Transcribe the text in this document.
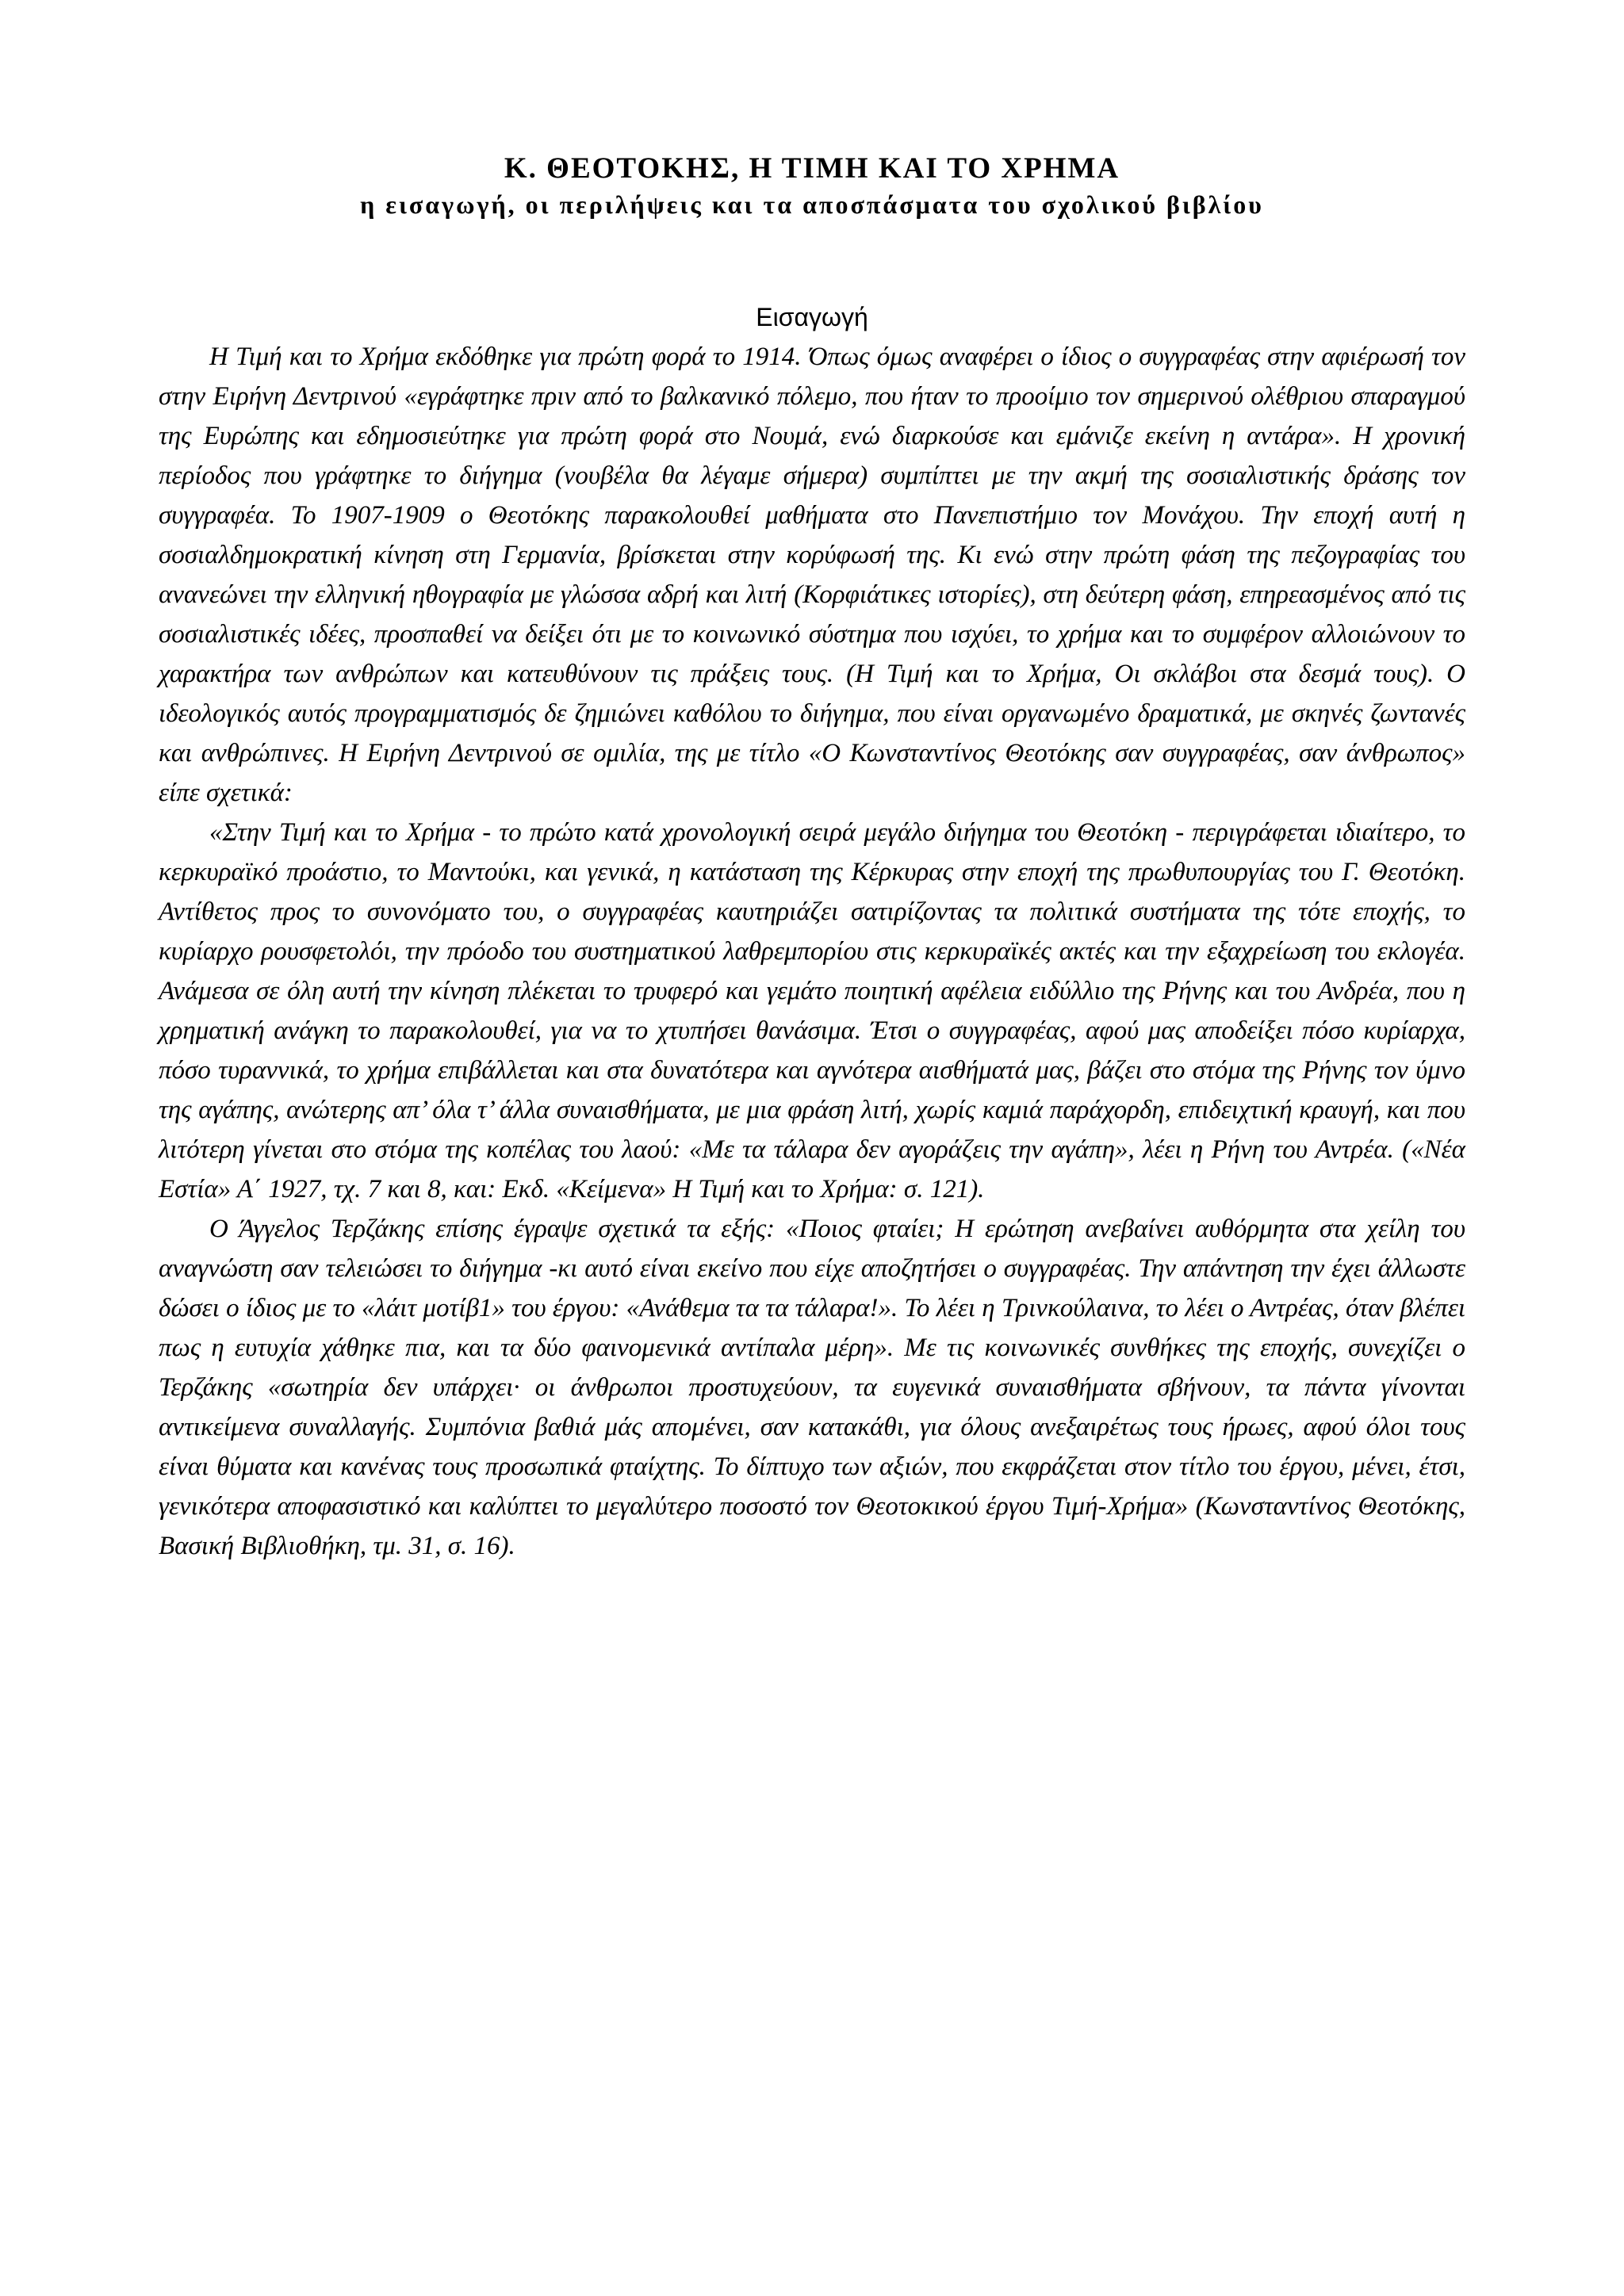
Κ. ΘΕΟΤΟΚΗΣ, Η ΤΙΜΗ ΚΑΙ ΤΟ ΧΡΗΜΑ
η εισαγωγή, οι περιλήψεις και τα αποσπάσματα του σχολικού βιβλίου

Εισαγωγή

Η Τιμή και το Χρήμα εκδόθηκε για πρώτη φορά το 1914. Όπως όμως αναφέρει ο ίδιος ο συγγραφέας στην αφιέρωσή τον στην Ειρήνη Δεντρινού «εγράφτηκε πριν από το βαλκανικό πόλεμο, που ήταν το προοίμιο τον σημερινού ολέθριου σπαραγμού της Ευρώπης και εδημοσιεύτηκε για πρώτη φορά στο Νουμά, ενώ διαρκούσε και εμάνιζε εκείνη η αντάρα». Η χρονική περίοδος που γράφτηκε το διήγημα (νουβέλα θα λέγαμε σήμερα) συμπίπτει με την ακμή της σοσιαλιστικής δράσης τον συγγραφέα. Το 1907-1909 ο Θεοτόκης παρακολουθεί μαθήματα στο Πανεπιστήμιο τον Μονάχου. Την εποχή αυτή η σοσιαλδημοκρατική κίνηση στη Γερμανία, βρίσκεται στην κορύφωσή της. Κι ενώ στην πρώτη φάση της πεζογραφίας του ανανεώνει την ελληνική ηθογραφία με γλώσσα αδρή και λιτή (Κορφιάτικες ιστορίες), στη δεύτερη φάση, επηρεασμένος από τις σοσιαλιστικές ιδέες, προσπαθεί να δείξει ότι με το κοινωνικό σύστημα που ισχύει, το χρήμα και το συμφέρον αλλοιώνουν το χαρακτήρα των ανθρώπων και κατευθύνουν τις πράξεις τους. (Η Τιμή και το Χρήμα, Οι σκλάβοι στα δεσμά τους). Ο ιδεολογικός αυτός προγραμματισμός δε ζημιώνει καθόλου το διήγημα, που είναι οργανωμένο δραματικά, με σκηνές ζωντανές και ανθρώπινες. Η Ειρήνη Δεντρινού σε ομιλία, της με τίτλο «Ο Κωνσταντίνος Θεοτόκης σαν συγγραφέας, σαν άνθρωπος» είπε σχετικά:

«Στην Τιμή και το Χρήμα - το πρώτο κατά χρονολογική σειρά μεγάλο διήγημα του Θεοτόκη - περιγράφεται ιδιαίτερο, το κερκυραϊκό προάστιο, το Μαντούκι, και γενικά, η κατάσταση της Κέρκυρας στην εποχή της πρωθυπουργίας του Γ. Θεοτόκη. Αντίθετος προς το συνονόματο του, ο συγγραφέας καυτηριάζει σατιρίζοντας τα πολιτικά συστήματα της τότε εποχής, το κυρίαρχο ρουσφετολόι, την πρόοδο του συστηματικού λαθρεμπορίου στις κερκυραϊκές ακτές και την εξαχρείωση του εκλογέα. Ανάμεσα σε όλη αυτή την κίνηση πλέκεται το τρυφερό και γεμάτο ποιητική αφέλεια ειδύλλιο της Ρήνης και του Ανδρέα, που η χρηματική ανάγκη το παρακολουθεί, για να το χτυπήσει θανάσιμα. Έτσι ο συγγραφέας, αφού μας αποδείξει πόσο κυρίαρχα, πόσο τυραννικά, το χρήμα επιβάλλεται και στα δυνατότερα και αγνότερα αισθήματά μας, βάζει στο στόμα της Ρήνης τον ύμνο της αγάπης, ανώτερης απ’ όλα τ’ άλλα συναισθήματα, με μια φράση λιτή, χωρίς καμιά παράχορδη, επιδειχτική κραυγή, και που λιτότερη γίνεται στο στόμα της κοπέλας του λαού: «Με τα τάλαρα δεν αγοράζεις την αγάπη», λέει η Ρήνη του Αντρέα. («Νέα Εστία» Α΄ 1927, τχ. 7 και 8, και: Εκδ. «Κείμενα» Η Τιμή και το Χρήμα: σ. 121).

Ο Άγγελος Τερζάκης επίσης έγραψε σχετικά τα εξής: «Ποιος φταίει; Η ερώτηση ανεβαίνει αυθόρμητα στα χείλη του αναγνώστη σαν τελειώσει το διήγημα -κι αυτό είναι εκείνο που είχε αποζητήσει ο συγγραφέας. Την απάντηση την έχει άλλωστε δώσει ο ίδιος με το «λάιτ μοτίβ1» του έργου: «Ανάθεμα τα τα τάλαρα!». Το λέει η Τρινκούλαινα, το λέει ο Αντρέας, όταν βλέπει πως η ευτυχία χάθηκε πια, και τα δύο φαινομενικά αντίπαλα μέρη». Με τις κοινωνικές συνθήκες της εποχής, συνεχίζει ο Τερζάκης «σωτηρία δεν υπάρχει· οι άνθρωποι προστυχεύουν, τα ευγενικά συναισθήματα σβήνουν, τα πάντα γίνονται αντικείμενα συναλλαγής. Συμπόνια βαθιά μάς απομένει, σαν κατακάθι, για όλους ανεξαιρέτως τους ήρωες, αφού όλοι τους είναι θύματα και κανένας τους προσωπικά φταίχτης. Το δίπτυχο των αξιών, που εκφράζεται στον τίτλο του έργου, μένει, έτσι, γενικότερα αποφασιστικό και καλύπτει το μεγαλύτερο ποσοστό τον Θεοτοκικού έργου Τιμή-Χρήμα» (Κωνσταντίνος Θεοτόκης, Βασική Βιβλιοθήκη, τμ. 31, σ. 16).
